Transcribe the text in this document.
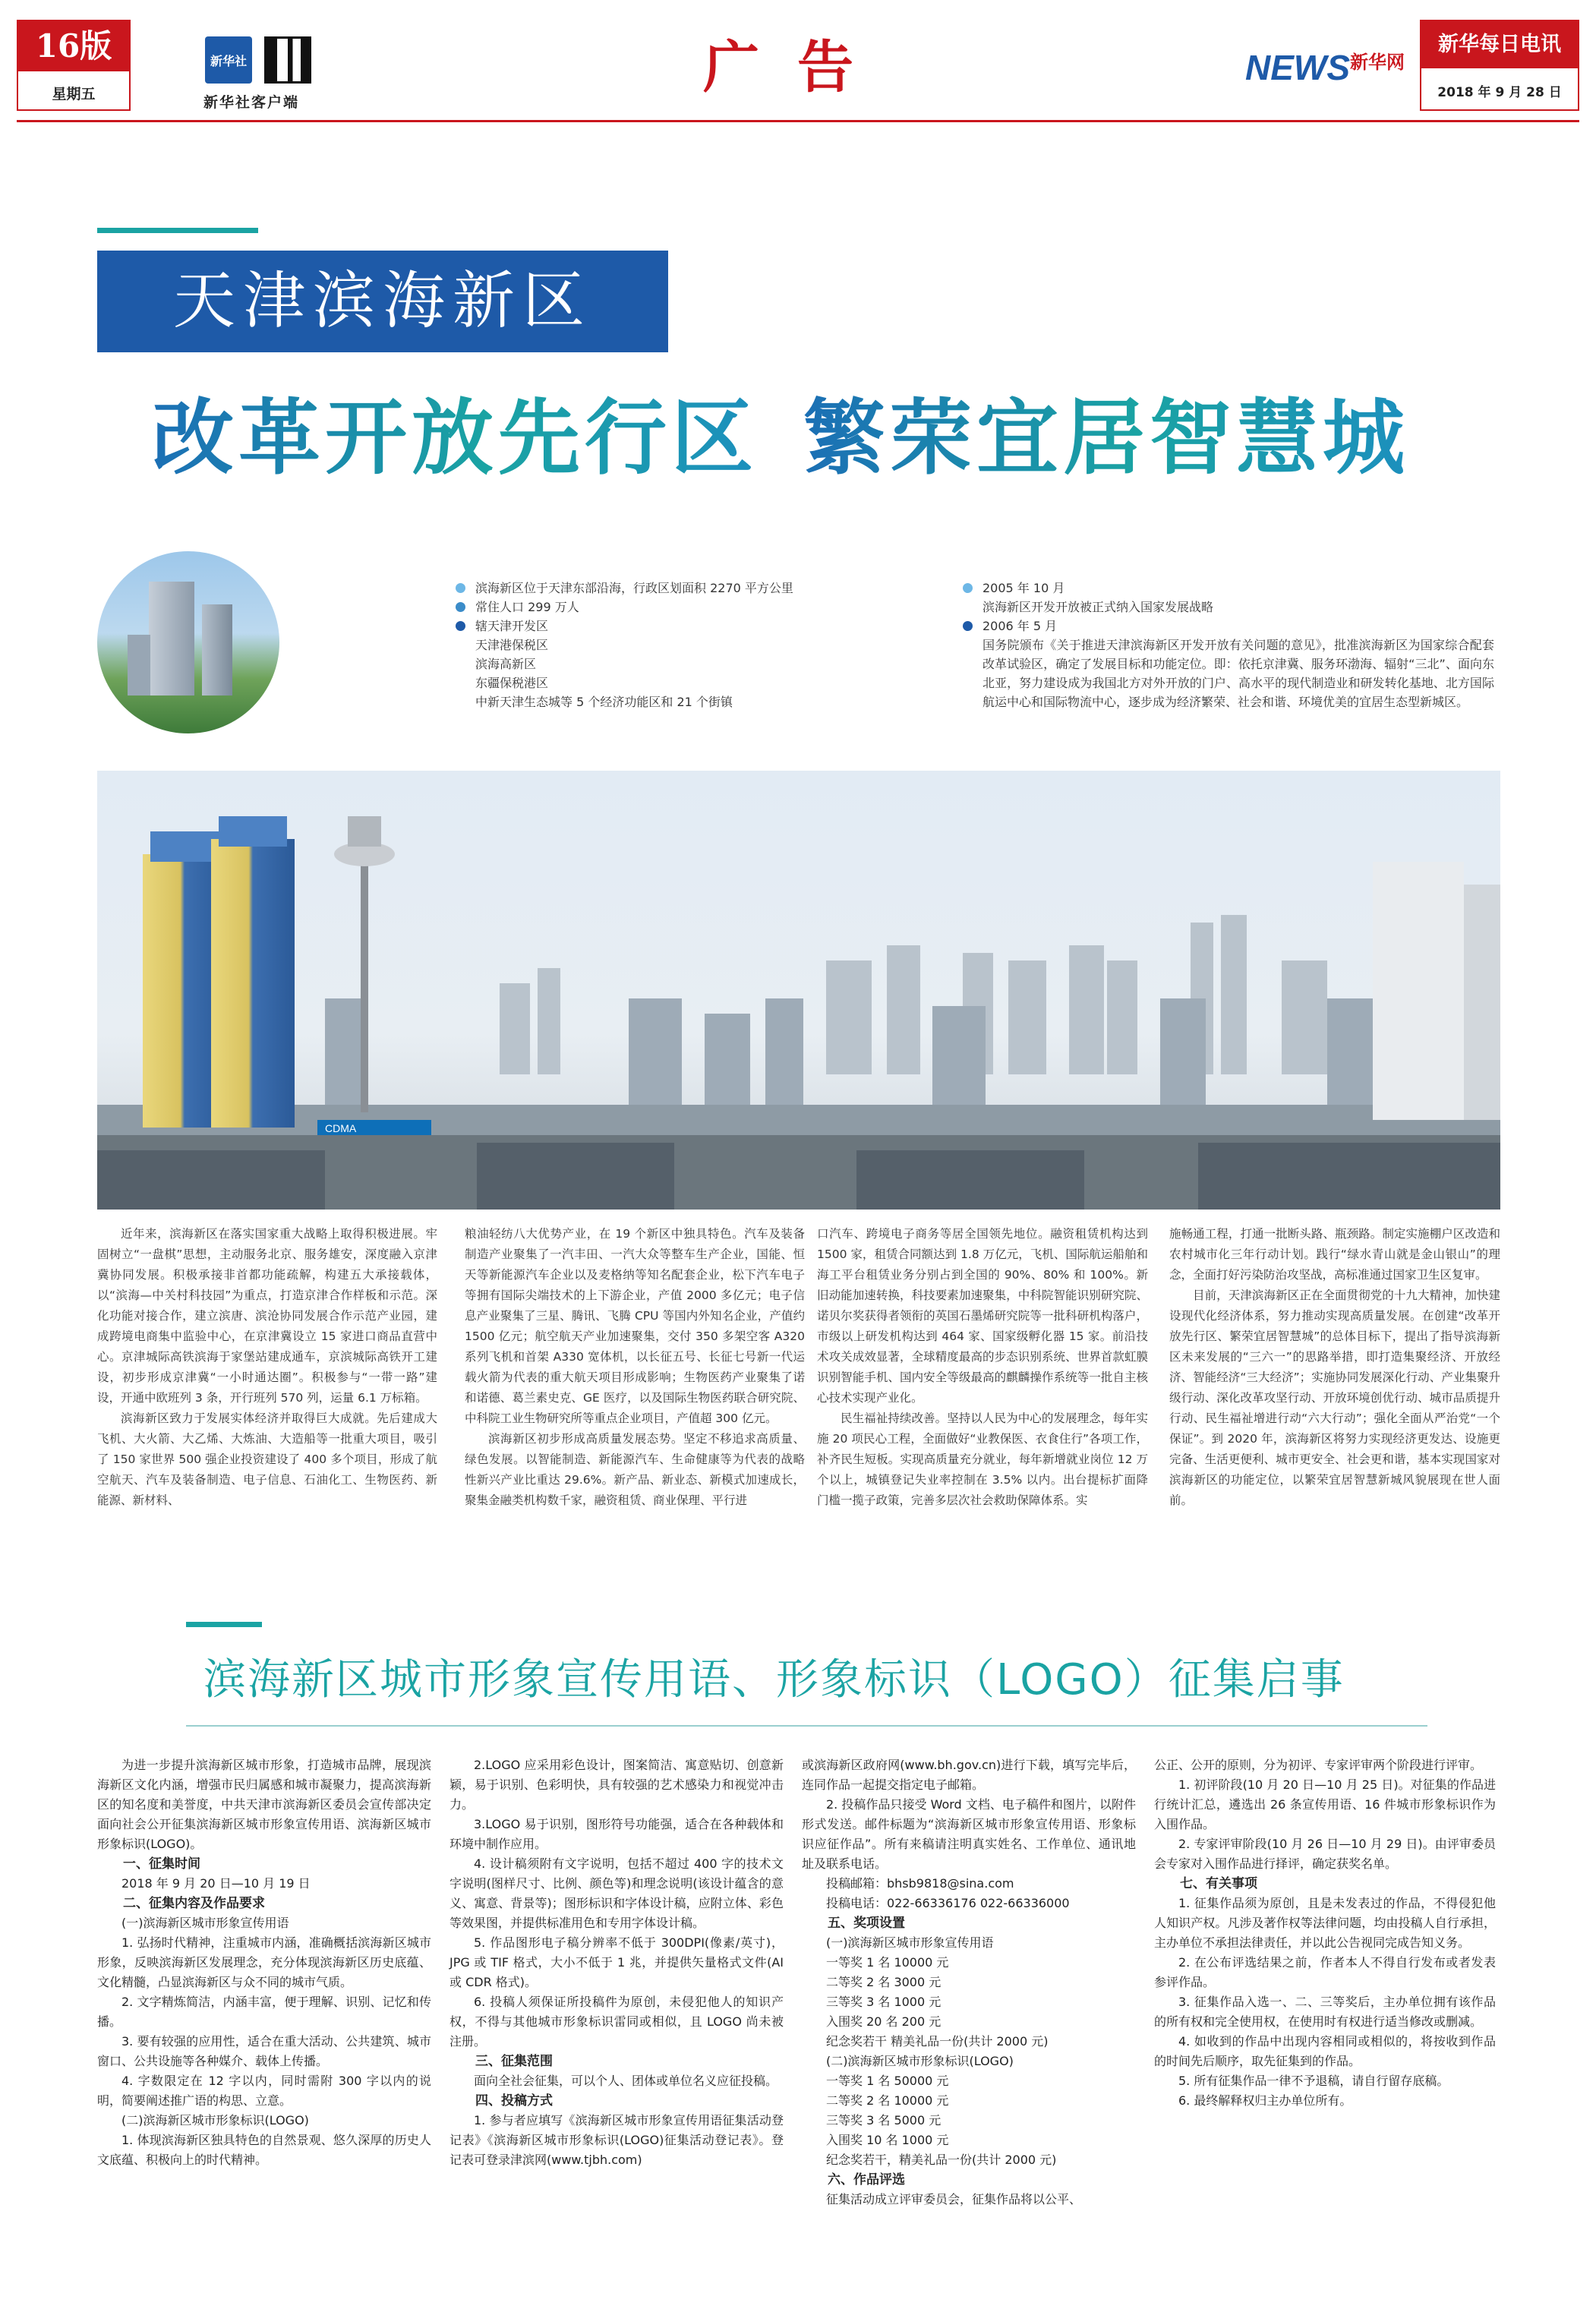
16版
星期五
新华社
新华社客户端
广告	$NEWS^{新华网}$
新华每日电讯
2018 年 9 月 28 日
天津滨海新区
改革开放先行区 繁荣宜居智慧城
滨海新区位于天津东部沿海，行政区划面积 2270 平方公里
常住人口 299 万人
辖天津开发区
天津港保税区
滨海高新区
东疆保税港区
中新天津生态城等 5 个经济功能区和 21 个街镇
2005 年 10 月
滨海新区开发开放被正式纳入国家发展战略
2006 年 5 月
国务院颁布《关于推进天津滨海新区开发开放有关问题的意见》，批准滨海新区为国家综合配套改革试验区，确定了发展目标和功能定位。即：依托京津冀、服务环渤海、辐射“三北”、面向东北亚，努力建设成为我国北方对外开放的门户、高水平的现代制造业和研发转化基地、北方国际航运中心和国际物流中心，逐步成为经济繁荣、社会和谐、环境优美的宜居生态型新城区。
CDMA

近年来，滨海新区在落实国家重大战略上取得积极进展。牢固树立“一盘棋”思想，主动服务北京、服务雄安，深度融入京津冀协同发展。积极承接非首都功能疏解，构建五大承接载体，以“滨海—中关村科技园”为重点，打造京津合作样板和示范。深化功能对接合作，建立滨唐、滨沧协同发展合作示范产业园，建成跨境电商集中监验中心，在京津冀设立 15 家进口商品直营中心。京津城际高铁滨海于家堡站建成通车，京滨城际高铁开工建设，初步形成京津冀“一小时通达圈”。积极参与“一带一路”建设，开通中欧班列 3 条，开行班列 570 列，运量 6.1 万标箱。

滨海新区致力于发展实体经济并取得巨大成就。先后建成大飞机、大火箭、大乙烯、大炼油、大造船等一批重大项目，吸引了 150 家世界 500 强企业投资建设了 400 多个项目，形成了航空航天、汽车及装备制造、电子信息、石油化工、生物医药、新能源、新材料、

粮油轻纺八大优势产业，在 19 个新区中独具特色。汽车及装备制造产业聚集了一汽丰田、一汽大众等整车生产企业，国能、恒天等新能源汽车企业以及麦格纳等知名配套企业，松下汽车电子等拥有国际尖端技术的上下游企业，产值 2000 多亿元；电子信息产业聚集了三星、腾讯、飞腾 CPU 等国内外知名企业，产值约 1500 亿元；航空航天产业加速聚集，交付 350 多架空客 A320 系列飞机和首架 A330 宽体机，以长征五号、长征七号新一代运载火箭为代表的重大航天项目形成影响；生物医药产业聚集了诺和诺德、葛兰素史克、GE 医疗，以及国际生物医药联合研究院、中科院工业生物研究所等重点企业项目，产值超 300 亿元。

滨海新区初步形成高质量发展态势。坚定不移追求高质量、绿色发展。以智能制造、新能源汽车、生命健康等为代表的战略性新兴产业比重达 29.6%。新产品、新业态、新模式加速成长，聚集金融类机构数千家，融资租赁、商业保理、平行进

口汽车、跨境电子商务等居全国领先地位。融资租赁机构达到 1500 家，租赁合同额达到 1.8 万亿元，飞机、国际航运船舶和海工平台租赁业务分别占到全国的 90%、80% 和 100%。新旧动能加速转换，科技要素加速聚集，中科院智能识别研究院、诺贝尔奖获得者领衔的英国石墨烯研究院等一批科研机构落户，市级以上研发机构达到 464 家、国家级孵化器 15 家。前沿技术攻关成效显著，全球精度最高的步态识别系统、世界首款虹膜识别智能手机、国内安全等级最高的麒麟操作系统等一批自主核心技术实现产业化。

民生福祉持续改善。坚持以人民为中心的发展理念，每年实施 20 项民心工程，全面做好“业教保医、衣食住行”各项工作，补齐民生短板。实现高质量充分就业，每年新增就业岗位 12 万个以上，城镇登记失业率控制在 3.5% 以内。出台提标扩面降门槛一揽子政策，完善多层次社会救助保障体系。实

施畅通工程，打通一批断头路、瓶颈路。制定实施棚户区改造和农村城市化三年行动计划。践行“绿水青山就是金山银山”的理念，全面打好污染防治攻坚战，高标准通过国家卫生区复审。

目前，天津滨海新区正在全面贯彻党的十九大精神，加快建设现代化经济体系，努力推动实现高质量发展。在创建“改革开放先行区、繁荣宜居智慧城”的总体目标下，提出了指导滨海新区未来发展的“三六一”的思路举措，即打造集聚经济、开放经济、智能经济“三大经济”；实施协同发展深化行动、产业集聚升级行动、深化改革攻坚行动、开放环境创优行动、城市品质提升行动、民生福祉增进行动“六大行动”；强化全面从严治党“一个保证”。到 2020 年，滨海新区将努力实现经济更发达、设施更完备、生活更便利、城市更安全、社会更和谐，基本实现国家对滨海新区的功能定位，以繁荣宜居智慧新城风貌展现在世人面前。

滨海新区城市形象宣传用语、形象标识（LOGO）征集启事
为进一步提升滨海新区城市形象，打造城市品牌，展现滨海新区文化内涵，增强市民归属感和城市凝聚力，提高滨海新区的知名度和美誉度，中共天津市滨海新区委员会宣传部决定面向社会公开征集滨海新区城市形象宣传用语、滨海新区城市形象标识(LOGO)。
一、征集时间
2018 年 9 月 20 日—10 月 19 日
二、征集内容及作品要求
(一)滨海新区城市形象宣传用语
1. 弘扬时代精神，注重城市内涵，准确概括滨海新区城市形象，反映滨海新区发展理念，充分体现滨海新区历史底蕴、文化精髓，凸显滨海新区与众不同的城市气质。
2. 文字精炼简洁，内涵丰富，便于理解、识别、记忆和传播。
3. 要有较强的应用性，适合在重大活动、公共建筑、城市窗口、公共设施等各种媒介、载体上传播。
4. 字数限定在 12 字以内，同时需附 300 字以内的说明，简要阐述推广语的构思、立意。
(二)滨海新区城市形象标识(LOGO)
1. 体现滨海新区独具特色的自然景观、悠久深厚的历史人文底蕴、积极向上的时代精神。
2.LOGO 应采用彩色设计，图案简洁、寓意贴切、创意新颖，易于识别、色彩明快，具有较强的艺术感染力和视觉冲击力。
3.LOGO 易于识别，图形符号功能强，适合在各种载体和环境中制作应用。
4. 设计稿须附有文字说明，包括不超过 400 字的技术文字说明(图样尺寸、比例、颜色等)和理念说明(该设计蕴含的意义、寓意、背景等)；图形标识和字体设计稿，应附立体、彩色等效果图，并提供标准用色和专用字体设计稿。
5. 作品图形电子稿分辨率不低于 300DPI(像素/英寸)，JPG 或 TIF 格式，大小不低于 1 兆，并提供矢量格式文件(AI 或 CDR 格式)。
6. 投稿人须保证所投稿件为原创，未侵犯他人的知识产权，不得与其他城市形象标识雷同或相似，且 LOGO 尚未被注册。
三、征集范围
面向全社会征集，可以个人、团体或单位名义应征投稿。
四、投稿方式
1. 参与者应填写《滨海新区城市形象宣传用语征集活动登记表》《滨海新区城市形象标识(LOGO)征集活动登记表》。登记表可登录津滨网(www.tjbh.com)
或滨海新区政府网(www.bh.gov.cn)进行下载，填写完毕后，连同作品一起提交指定电子邮箱。
2. 投稿作品只接受 Word 文档、电子稿件和图片，以附件形式发送。邮件标题为“滨海新区城市形象宣传用语、形象标识应征作品”。所有来稿请注明真实姓名、工作单位、通讯地址及联系电话。
投稿邮箱：bhsb9818@sina.com
投稿电话：022-66336176 022-66336000
五、奖项设置
(一)滨海新区城市形象宣传用语
一等奖 1 名 10000 元
二等奖 2 名 3000 元
三等奖 3 名 1000 元
入围奖 20 名 200 元
纪念奖若干 精美礼品一份(共计 2000 元)
(二)滨海新区城市形象标识(LOGO)
一等奖 1 名 50000 元
二等奖 2 名 10000 元
三等奖 3 名 5000 元
入围奖 10 名 1000 元
纪念奖若干，精美礼品一份(共计 2000 元)
六、作品评选
征集活动成立评审委员会，征集作品将以公平、
公正、公开的原则，分为初评、专家评审两个阶段进行评审。
1. 初评阶段(10 月 20 日—10 月 25 日)。对征集的作品进行统计汇总，遴选出 26 条宣传用语、16 件城市形象标识作为入围作品。
2. 专家评审阶段(10 月 26 日—10 月 29 日)。由评审委员会专家对入围作品进行择评，确定获奖名单。
七、有关事项
1. 征集作品须为原创，且是未发表过的作品，不得侵犯他人知识产权。凡涉及著作权等法律问题，均由投稿人自行承担，主办单位不承担法律责任，并以此公告视同完成告知义务。
2. 在公布评选结果之前，作者本人不得自行发布或者发表参评作品。
3. 征集作品入选一、二、三等奖后，主办单位拥有该作品的所有权和完全使用权，在使用时有权进行适当修改或删减。
4. 如收到的作品中出现内容相同或相似的，将按收到作品的时间先后顺序，取先征集到的作品。
5. 所有征集作品一律不予退稿，请自行留存底稿。
6. 最终解释权归主办单位所有。
